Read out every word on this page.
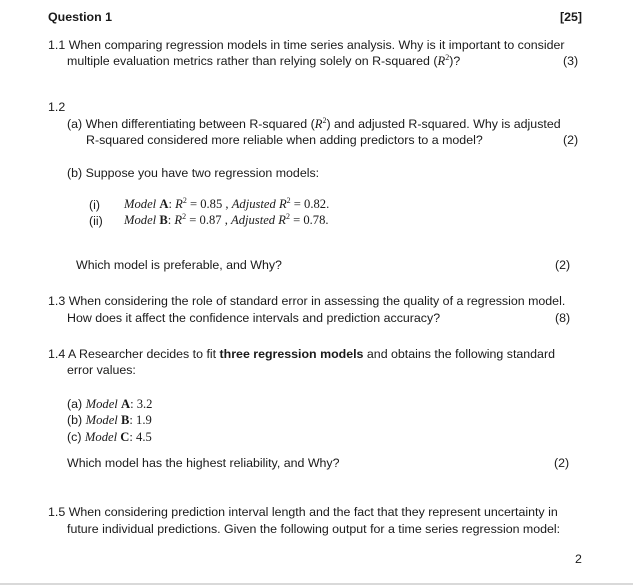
Question 1	[25]
1.1 When comparing regression models in time series analysis. Why is it important to consider
multiple evaluation metrics rather than relying solely on R-squared $(R^2)$?	(3)
1.2
(a) When differentiating between R-squared $(R^2)$ and adjusted R-squared. Why is adjusted
R-squared considered more reliable when adding predictors to a model?	(2)
(b) Suppose you have two regression models:
(i) Model A: $R^2 = 0.85$ , Adjusted $R^2 = 0.82$.
(ii) Model B: $R^2 = 0.87$ , Adjusted $R^2 = 0.78$.
Which model is preferable, and Why?	(2)
1.3 When considering the role of standard error in assessing the quality of a regression model.
How does it affect the confidence intervals and prediction accuracy?	(8)
1.4 A Researcher decides to fit three regression models and obtains the following standard
error values:
(a) Model A: 3.2
(b) Model B: 1.9
(c) Model C: 4.5
Which model has the highest reliability, and Why?	(2)
1.5 When considering prediction interval length and the fact that they represent uncertainty in
future individual predictions. Given the following output for a time series regression model:
2
